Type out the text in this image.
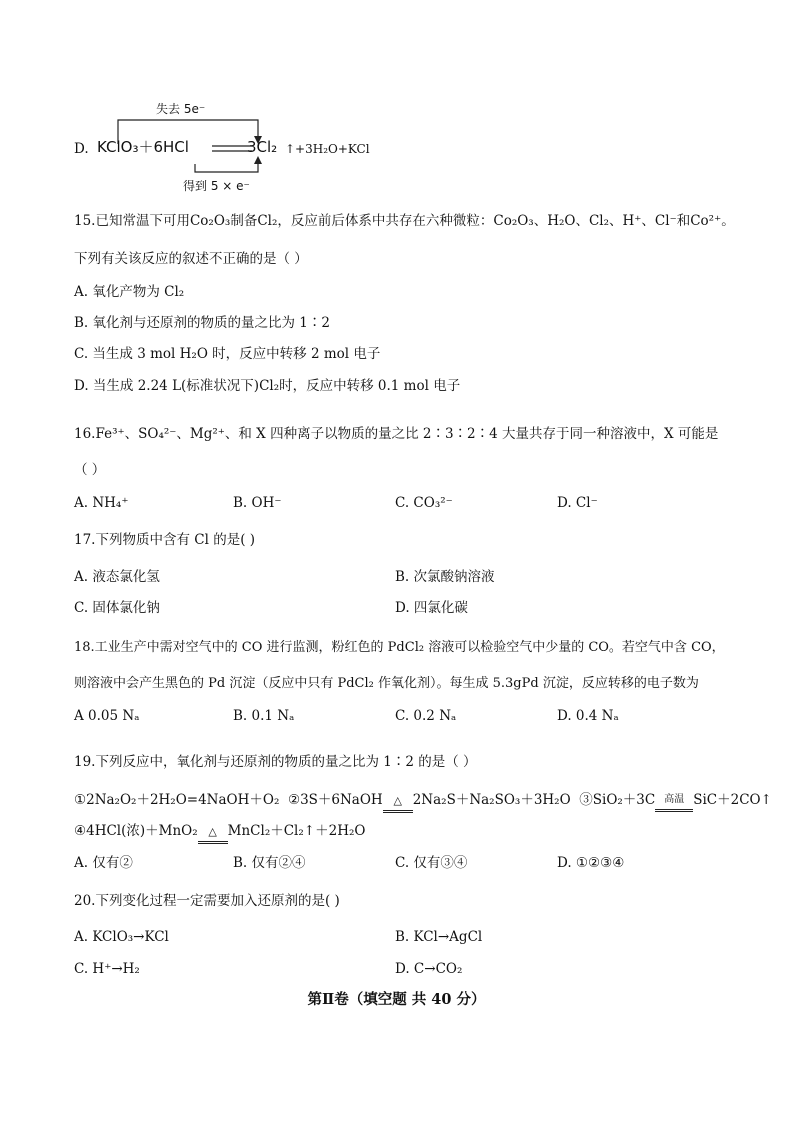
D.
失去 5e⁻
KClO₃＋6HCl	3Cl₂ ↑+3H₂O+KCl
得到 5 × e⁻
15.已知常温下可用Co₂O₃制备Cl₂，反应前后体系中共存在六种微粒：Co₂O₃、H₂O、Cl₂、H⁺、Cl⁻和Co²⁺。
下列有关该反应的叙述不正确的是（ ）
A. 氧化产物为 Cl₂
B. 氧化剂与还原剂的物质的量之比为 1∶2
C. 当生成 3 mol H₂O 时，反应中转移 2 mol 电子
D. 当生成 2.24 L(标准状况下)Cl₂时，反应中转移 0.1 mol 电子
16.Fe³⁺、SO₄²⁻、Mg²⁺、和 X 四种离子以物质的量之比 2∶3∶2∶4 大量共存于同一种溶液中，X 可能是
（ ）
A. NH₄⁺	B. OH⁻	C. CO₃²⁻	D. Cl⁻
17.下列物质中含有 Cl 的是( )
A. 液态氯化氢	B. 次氯酸钠溶液
C. 固体氯化钠	D. 四氯化碳
18.工业生产中需对空气中的 CO 进行监测，粉红色的 PdCl₂ 溶液可以检验空气中少量的 CO。若空气中含 CO，
则溶液中会产生黑色的 Pd 沉淀（反应中只有 PdCl₂ 作氧化剂）。每生成 5.3gPd 沉淀，反应转移的电子数为
A 0.05 Nₐ	B. 0.1 Nₐ	C. 0.2 Nₐ	D. 0.4 Nₐ
19.下列反应中，氧化剂与还原剂的物质的量之比为 1∶2 的是（ ）
①2Na₂O₂＋2H₂O=4NaOH＋O₂ ②3S＋6NaOH △ 2Na₂S＋Na₂SO₃＋3H₂O ③SiO₂＋3C 高温 SiC＋2CO↑
④4HCl(浓)＋MnO₂ △ MnCl₂＋Cl₂↑＋2H₂O
A. 仅有②	B. 仅有②④	C. 仅有③④	D. ①②③④
20.下列变化过程一定需要加入还原剂的是( )
A. KClO₃→KCl	B. KCl→AgCl
C. H⁺→H₂	D. C→CO₂
第Ⅱ卷（填空题 共 40 分）
